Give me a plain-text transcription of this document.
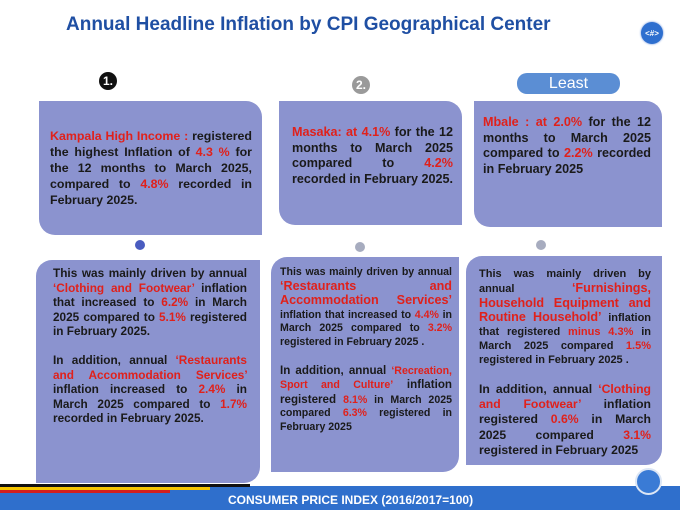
Annual Headline Inflation by CPI Geographical Center	<#>
1.	2.	Least
Kampala High Income : registered the highest Inflation of 4.3 % for the 12 months to March 2025, compared to 4.8% recorded in February 2025.
Masaka: at 4.1% for the 12 months to March 2025 compared to 4.2% recorded in February 2025.
Mbale : at 2.0% for the 12 months to March 2025 compared to 2.2% recorded in February 2025
This was mainly driven by annual ‘Clothing and Footwear’ inflation that increased to 6.2% in March 2025 compared to 5.1% registered in February 2025.
In addition, annual ‘Restaurants and Accommodation Services’ inflation increased to 2.4% in March 2025 compared to 1.7% recorded in February 2025.
This was mainly driven by annual ‘Restaurants and Accommodation Services’ inflation that increased to 4.4% in March 2025 compared to 3.2% registered in February 2025 .
In addition, annual ‘Recreation, Sport and Culture’ inflation registered 8.1% in March 2025 compared 6.3% registered in February 2025
This was mainly driven by annual ‘Furnishings, Household Equipment and Routine Household’ inflation that registered minus 4.3% in March 2025 compared 1.5% registered in February 2025 .
In addition, annual ‘Clothing and Footwear’ inflation registered 0.6% in March 2025 compared 3.1% registered in February 2025
CONSUMER PRICE INDEX (2016/2017=100)
